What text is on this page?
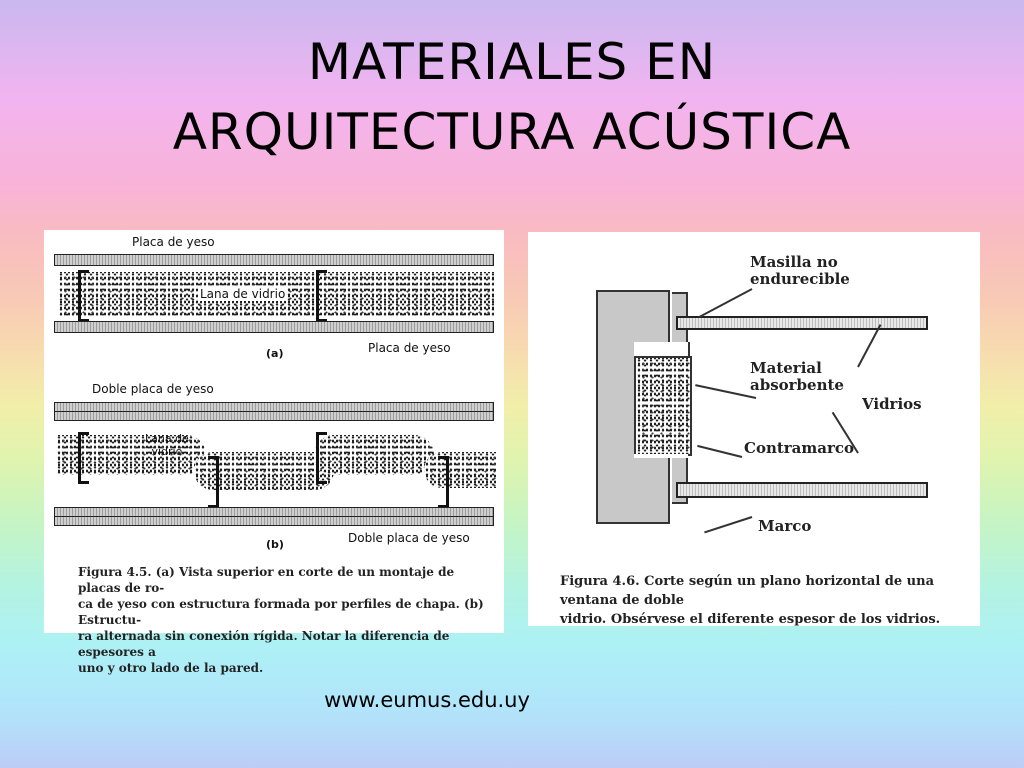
MATERIALES EN
ARQUITECTURA ACÚSTICA
Placa de yeso
Lana de vidrio
(a)	Placa de yeso
Doble placa de yeso
Lana de
vidrio
(b)	Doble placa de yeso
Figura 4.5. (a) Vista superior en corte de un montaje de placas de ro-
ca de yeso con estructura formada por perfiles de chapa. (b) Estructu-
ra alternada sin conexión rígida. Notar la diferencia de espesores a
uno y otro lado de la pared.
Masilla no
endurecible
Material
absorbente
Vidrios
Contramarco
Marco
Figura 4.6. Corte según un plano horizontal de una ventana de doble
vidrio. Obsérvese el diferente espesor de los vidrios.
www.eumus.edu.uy
